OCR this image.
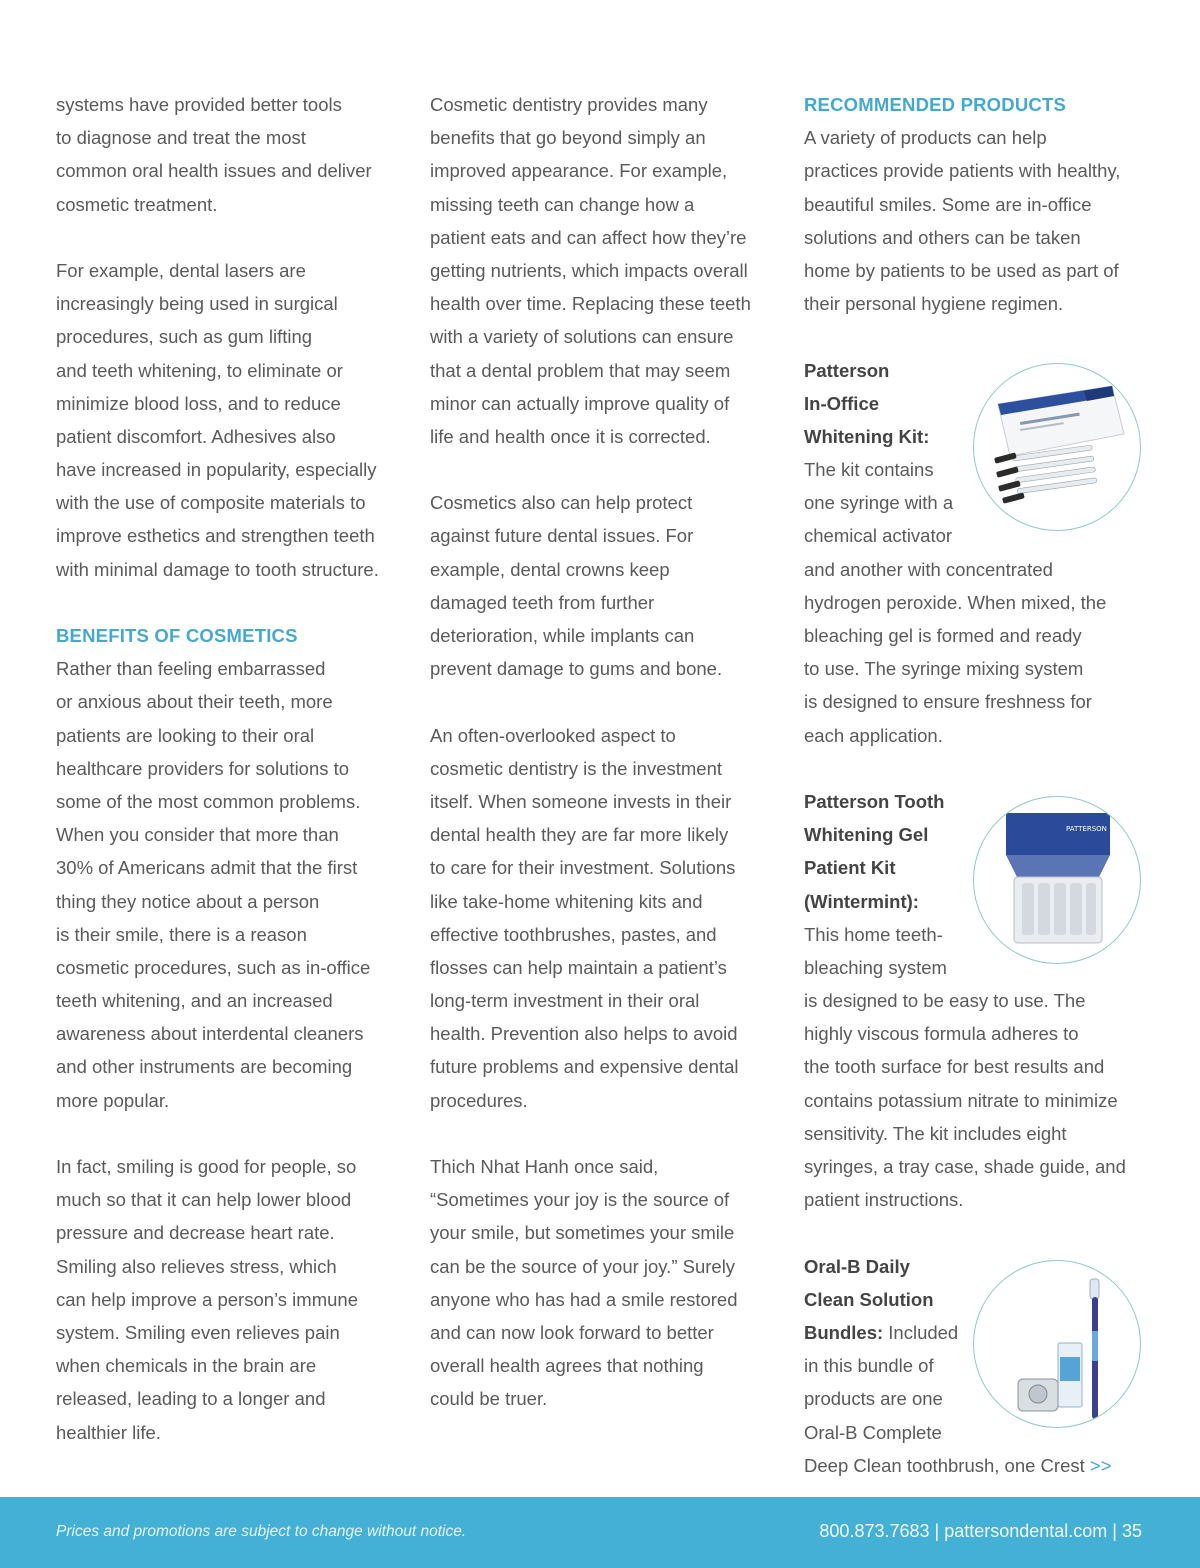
systems have provided better tools
to diagnose and treat the most
common oral health issues and deliver
cosmetic treatment.
For example, dental lasers are
increasingly being used in surgical
procedures, such as gum lifting
and teeth whitening, to eliminate or
minimize blood loss, and to reduce
patient discomfort. Adhesives also
have increased in popularity, especially
with the use of composite materials to
improve esthetics and strengthen teeth
with minimal damage to tooth structure.
BENEFITS OF COSMETICS
Rather than feeling embarrassed
or anxious about their teeth, more
patients are looking to their oral
healthcare providers for solutions to
some of the most common problems.
When you consider that more than
30% of Americans admit that the first
thing they notice about a person
is their smile, there is a reason
cosmetic procedures, such as in-office
teeth whitening, and an increased
awareness about interdental cleaners
and other instruments are becoming
more popular.
In fact, smiling is good for people, so
much so that it can help lower blood
pressure and decrease heart rate.
Smiling also relieves stress, which
can help improve a person’s immune
system. Smiling even relieves pain
when chemicals in the brain are
released, leading to a longer and
healthier life.
Cosmetic dentistry provides many
benefits that go beyond simply an
improved appearance. For example,
missing teeth can change how a
patient eats and can affect how they’re
getting nutrients, which impacts overall
health over time. Replacing these teeth
with a variety of solutions can ensure
that a dental problem that may seem
minor can actually improve quality of
life and health once it is corrected.
Cosmetics also can help protect
against future dental issues. For
example, dental crowns keep
damaged teeth from further
deterioration, while implants can
prevent damage to gums and bone.
An often-overlooked aspect to
cosmetic dentistry is the investment
itself. When someone invests in their
dental health they are far more likely
to care for their investment. Solutions
like take-home whitening kits and
effective toothbrushes, pastes, and
flosses can help maintain a patient’s
long-term investment in their oral
health. Prevention also helps to avoid
future problems and expensive dental
procedures.
Thich Nhat Hanh once said,
“Sometimes your joy is the source of
your smile, but sometimes your smile
can be the source of your joy.” Surely
anyone who has had a smile restored
and can now look forward to better
overall health agrees that nothing
could be truer.
RECOMMENDED PRODUCTS
A variety of products can help
practices provide patients with healthy,
beautiful smiles. Some are in-office
solutions and others can be taken
home by patients to be used as part of
their personal hygiene regimen.
Patterson
In-Office
Whitening Kit:
The kit contains
one syringe with a
chemical activator
and another with concentrated
hydrogen peroxide. When mixed, the
bleaching gel is formed and ready
to use. The syringe mixing system
is designed to ensure freshness for
each application.
Patterson Tooth
Whitening Gel
Patient Kit
(Wintermint):
This home teeth-
bleaching system
is designed to be easy to use. The
highly viscous formula adheres to
the tooth surface for best results and
contains potassium nitrate to minimize
sensitivity. The kit includes eight
syringes, a tray case, shade guide, and
patient instructions.
Oral-B Daily
Clean Solution
Bundles: Included
in this bundle of
products are one
Oral-B Complete
Deep Clean toothbrush, one Crest >>
PATTERSON
Prices and promotions are subject to change without notice.	800.873.7683 | pattersondental.com | 35
